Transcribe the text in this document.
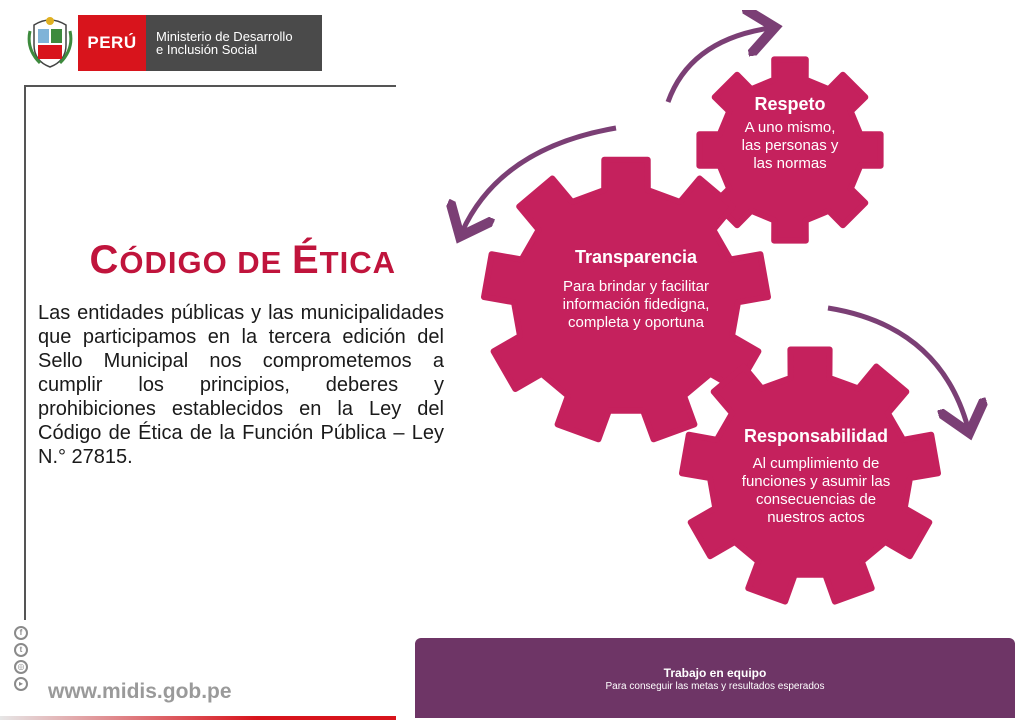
PERÚ	Ministerio de Desarrollo
e Inclusión Social
CÓDIGO DE ÉTICA
Las entidades públicas y las municipalidades que participamos en la tercera edición del Sello Municipal nos comprometemos a cumplir los principios, deberes y prohibiciones establecidos en la Ley del Código de Ética de la Función Pública – Ley N.° 27815.
Respeto
A uno mismo,
las personas y
las normas
Transparencia
Para brindar y facilitar
información fidedigna,
completa y oportuna
Responsabilidad
Al cumplimiento de
funciones y asumir las
consecuencias de
nuestros actos
Trabajo en equipo
Para conseguir las metas y resultados esperados
f
t
◎
▸ www.midis.gob.pe
